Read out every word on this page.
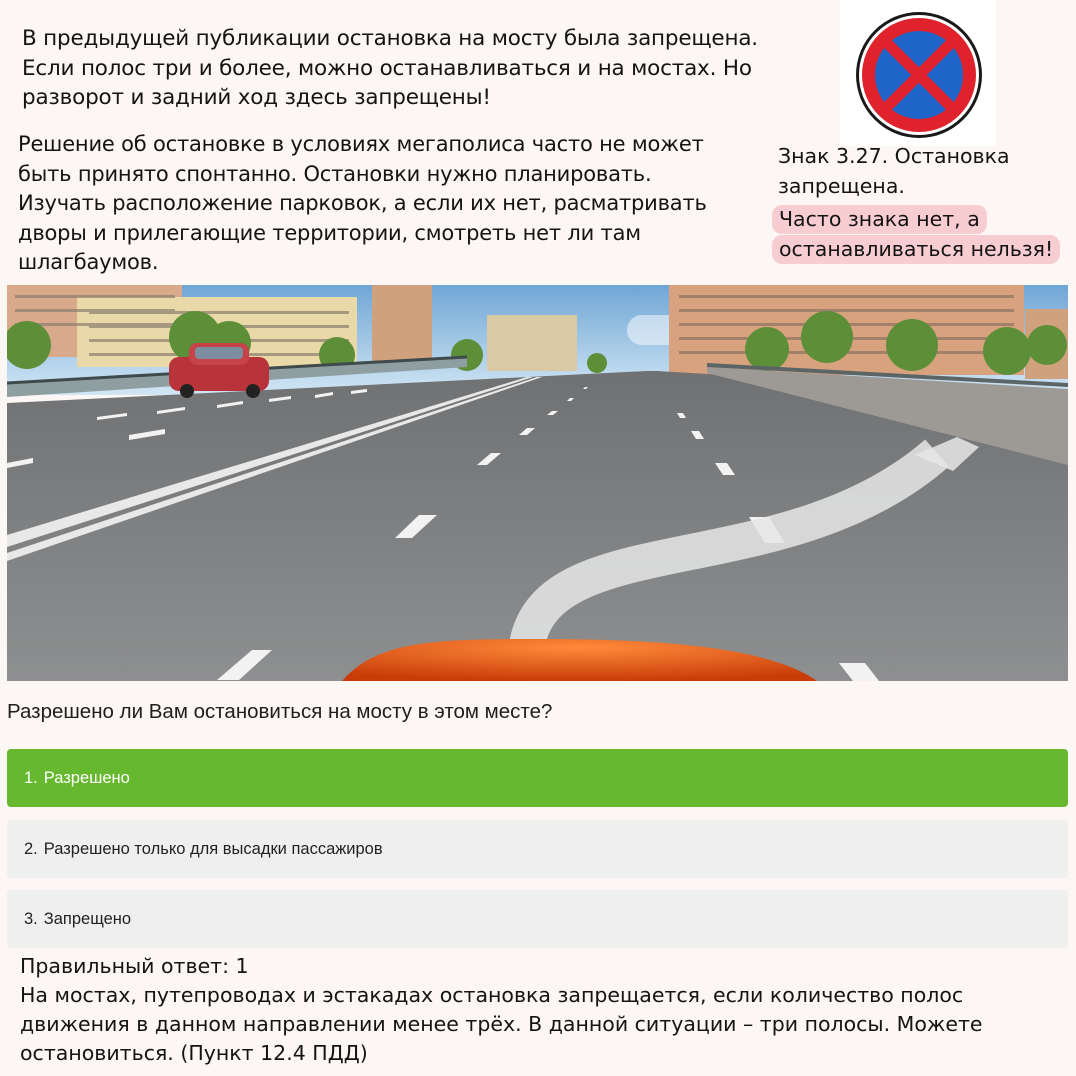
В предыдущей публикации остановка на мосту была запрещена.

Если полос три и более, можно останавливаться и на мостах. Но

разворот и задний ход здесь запрещены!

Решение об остановке в условиях мегаполиса часто не может

быть принято спонтанно. Остановки нужно планировать.

Изучать расположение парковок, а если их нет, расматривать

дворы и прилегающие территории, смотреть нет ли там

шлагбаумов.

Знак 3.27. Остановка

запрещена.

Часто знака нет, а
останавливаться нельзя!
Разрешено ли Вам остановиться на мосту в этом месте?
1. Разрешено
2. Разрешено только для высадки пассажиров
3. Запрещено

Правильный ответ: 1

На мостах, путепроводах и эстакадах остановка запрещается, если количество полос

движения в данном направлении менее трёх. В данной ситуации – три полосы. Можете

остановиться. (Пункт 12.4 ПДД)
